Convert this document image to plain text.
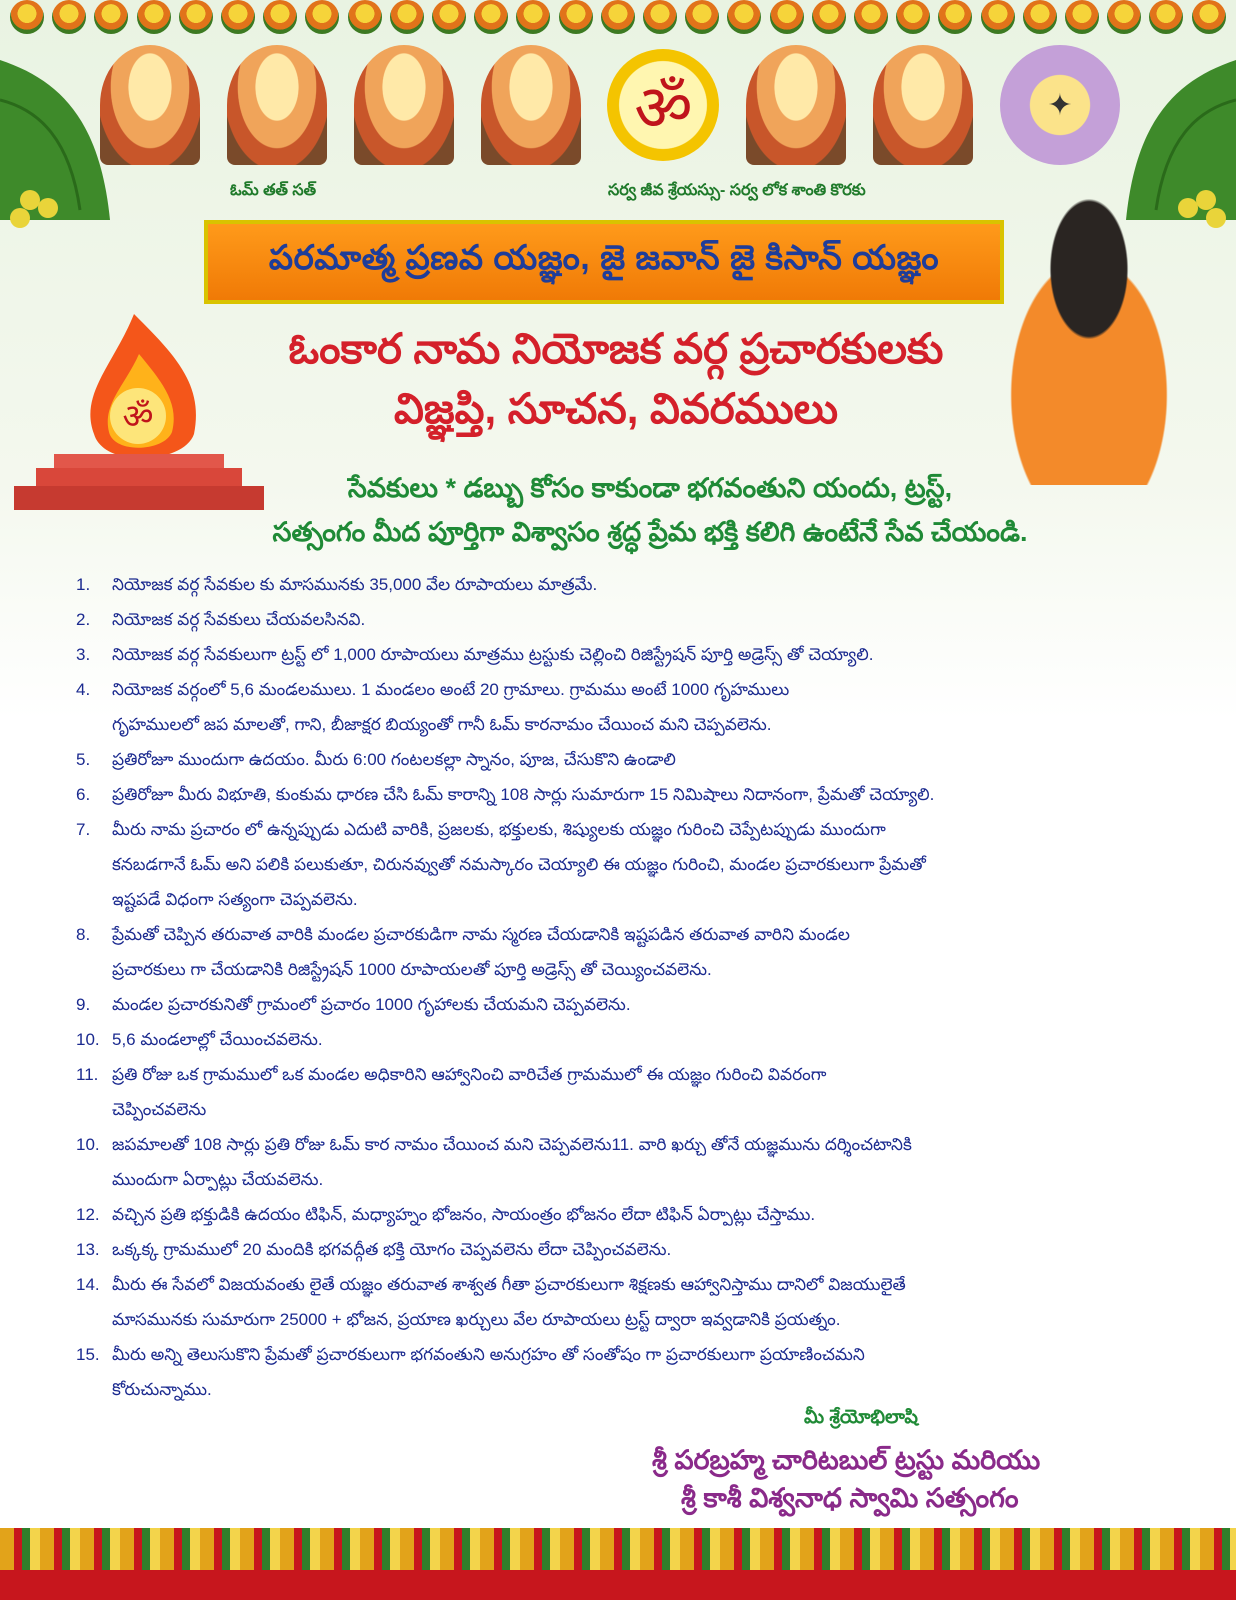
ॐ	✦
ఓమ్ తత్ సత్	సర్వ జీవ శ్రేయస్సు- సర్వ లోక శాంతి కొరకు
పరమాత్మ ప్రణవ యజ్ఞం, జై జవాన్ జై కిసాన్ యజ్ఞం
ॐ
ఓంకార నామ నియోజక వర్గ ప్రచారకులకు
విజ్ఞప్తి, సూచన, వివరములు
సేవకులు * డబ్బు కోసం కాకుండా భగవంతుని యందు, ట్రస్ట్,
సత్సంగం మీద పూర్తిగా విశ్వాసం శ్రద్ధ ప్రేమ భక్తి కలిగి ఉంటేనే సేవ చేయండి.
1.	నియోజక వర్గ సేవకుల కు మాసమునకు 35,000 వేల రూపాయలు మాత్రమే.
2.	నియోజక వర్గ సేవకులు చేయవలసినవి.
3.	నియోజక వర్గ సేవకులుగా ట్రస్ట్ లో 1,000 రూపాయలు మాత్రము ట్రస్టుకు చెల్లించి రిజిస్ట్రేషన్ పూర్తి అడ్రెస్స్ తో చెయ్యాలి.
4.	నియోజక వర్గంలో 5,6 మండలములు. 1 మండలం అంటే 20 గ్రామాలు. గ్రామము అంటే 1000 గృహములు
గృహములలో జప మాలతో, గాని, బీజాక్షర బియ్యంతో గానీ ఓమ్ కారనామం చేయించ మని చెప్పవలెను.
5.	ప్రతిరోజూ ముందుగా ఉదయం. మీరు 6:00 గంటలకల్లా స్నానం, పూజ, చేసుకొని ఉండాలి
6.	ప్రతిరోజూ మీరు విభూతి, కుంకుమ ధారణ చేసి ఓమ్ కారాన్ని 108 సార్లు సుమారుగా 15 నిమిషాలు నిదానంగా, ప్రేమతో చెయ్యాలి.
7.	మీరు నామ ప్రచారం లో ఉన్నప్పుడు ఎదుటి వారికి, ప్రజలకు, భక్తులకు, శిష్యులకు యజ్ఞం గురించి చెప్పేటప్పుడు ముందుగా
కనబడగానే ఓమ్ అని పలికి పలుకుతూ, చిరునవ్వుతో నమస్కారం చెయ్యాలి ఈ యజ్ఞం గురించి, మండల ప్రచారకులుగా ప్రేమతో
ఇష్టపడే విధంగా సత్యంగా చెప్పవలెను.
8.	ప్రేమతో చెప్పిన తరువాత వారికి మండల ప్రచారకుడిగా నామ స్మరణ చేయడానికి ఇష్టపడిన తరువాత వారిని మండల
ప్రచారకులు గా చేయడానికి రిజిస్ట్రేషన్ 1000 రూపాయలతో పూర్తి అడ్రెస్స్ తో చెయ్యించవలెను.
9.	మండల ప్రచారకునితో గ్రామంలో ప్రచారం 1000 గృహాలకు చేయమని చెప్పవలెను.
10. 5,6 మండలాల్లో చేయించవలెను.
11. ప్రతి రోజు ఒక గ్రామములో ఒక మండల అధికారిని ఆహ్వానించి వారిచేత గ్రామములో ఈ యజ్ఞం గురించి వివరంగా
చెప్పించవలెను
10. జపమాలతో 108 సార్లు ప్రతి రోజు ఓమ్ కార నామం చేయించ మని చెప్పవలెను11. వారి ఖర్చు తోనే యజ్ఞమును దర్శించటానికి
ముందుగా ఏర్పాట్లు చేయవలెను.
12. వచ్చిన ప్రతి భక్తుడికి ఉదయం టిఫిన్, మధ్యాహ్నం భోజనం, సాయంత్రం భోజనం లేదా టిఫిన్ ఏర్పాట్లు చేస్తాము.
13. ఒక్కక్క గ్రామములో 20 మందికి భగవద్గీత భక్తి యోగం చెప్పవలెను లేదా చెప్పించవలెను.
14. మీరు ఈ సేవలో విజయవంతు లైతే యజ్ఞం తరువాత శాశ్వత గీతా ప్రచారకులుగా శిక్షణకు ఆహ్వానిస్తాము దానిలో విజయులైతే
మాసమునకు సుమారుగా 25000 + భోజన, ప్రయాణ ఖర్చులు వేల రూపాయలు ట్రస్ట్ ద్వారా ఇవ్వడానికి ప్రయత్నం.
15. మీరు అన్ని తెలుసుకొని ప్రేమతో ప్రచారకులుగా భగవంతుని అనుగ్రహం తో సంతోషం గా ప్రచారకులుగా ప్రయాణించమని
కోరుచున్నాము.
మీ శ్రేయోభిలాషి
శ్రీ పరబ్రహ్మ చారిటబుల్ ట్రస్టు మరియు
శ్రీ కాశీ విశ్వనాధ స్వామి సత్సంగం
